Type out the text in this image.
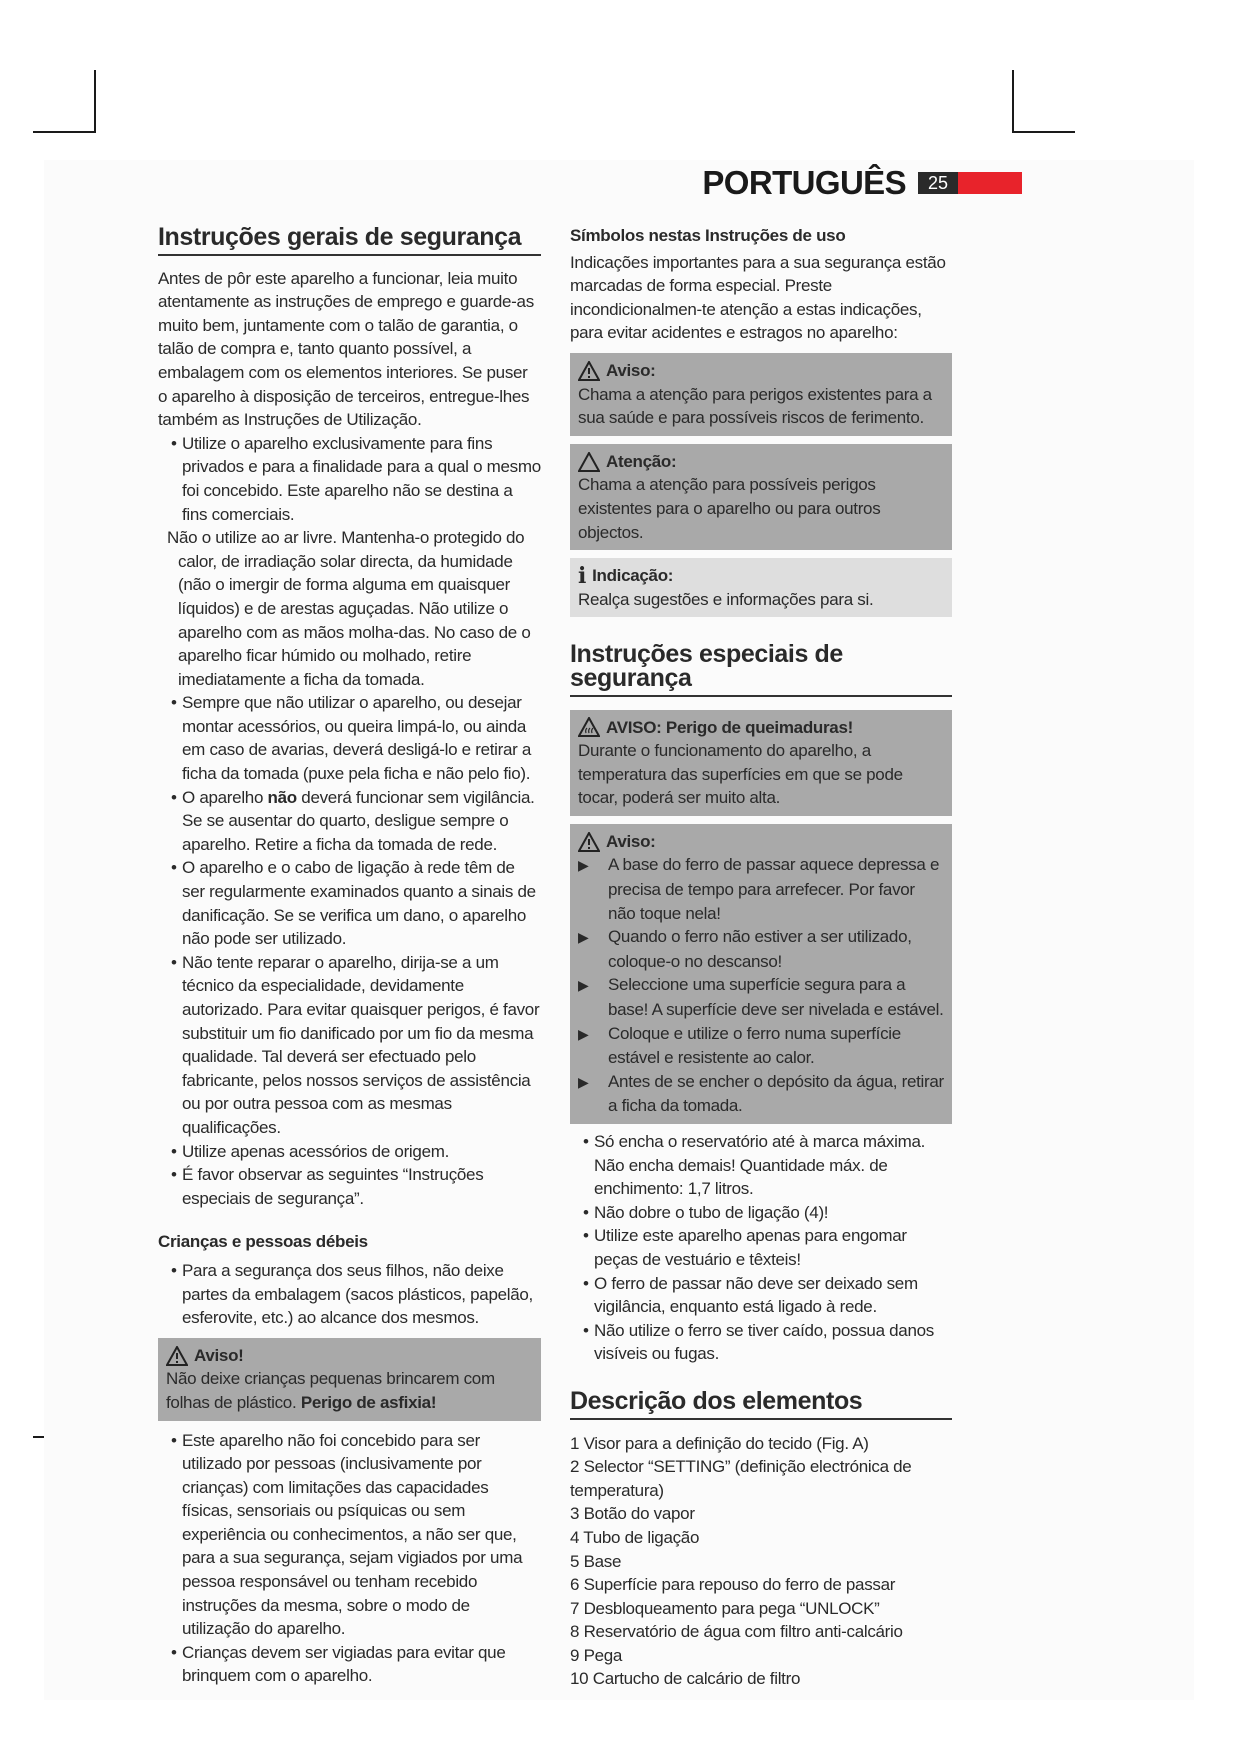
PORTUGUÊS	25
Instruções gerais de segurança

Antes de pôr este aparelho a funcionar, leia muito atentamente as instruções de emprego e guarde-as muito bem, juntamente com o talão de garantia, o talão de compra e, tanto quanto possível, a embalagem com os elementos interiores. Se puser o aparelho à disposição de terceiros, entregue-lhes também as Instruções de Utilização.

• Utilize o aparelho exclusivamente para fins privados e para a finalidade para a qual o mesmo foi concebido. Este aparelho não se destina a fins comerciais.

Não o utilize ao ar livre. Mantenha-o protegido do calor, de irradiação solar directa, da humidade (não o imergir de forma alguma em quaisquer líquidos) e de arestas aguçadas. Não utilize o aparelho com as mãos molha-das. No caso de o aparelho ficar húmido ou molhado, retire imediatamente a ficha da tomada.

• Sempre que não utilizar o aparelho, ou desejar montar acessórios, ou queira limpá-lo, ou ainda em caso de avarias, deverá desligá-lo e retirar a ficha da tomada (puxe pela ficha e não pelo fio).
• O aparelho não deverá funcionar sem vigilância. Se se ausentar do quarto, desligue sempre o aparelho. Retire a ficha da tomada de rede.
• O aparelho e o cabo de ligação à rede têm de ser regularmente examinados quanto a sinais de danificação. Se se verifica um dano, o aparelho não pode ser utilizado.
• Não tente reparar o aparelho, dirija-se a um técnico da especialidade, devidamente autorizado. Para evitar quaisquer perigos, é favor substituir um fio danificado por um fio da mesma qualidade. Tal deverá ser efectuado pelo fabricante, pelos nossos serviços de assistência ou por outra pessoa com as mesmas qualificações.
• Utilize apenas acessórios de origem.
• É favor observar as seguintes “Instruções especiais de segurança”.
Crianças e pessoas débeis
• Para a segurança dos seus filhos, não deixe partes da embalagem (sacos plásticos, papelão, esferovite, etc.) ao alcance dos mesmos.
Aviso!

Não deixe crianças pequenas brincarem com folhas de plástico. Perigo de asfixia!

• Este aparelho não foi concebido para ser utilizado por pessoas (inclusivamente por crianças) com limitações das capacidades físicas, sensoriais ou psíquicas ou sem experiência ou conhecimentos, a não ser que, para a sua segurança, sejam vigiados por uma pessoa responsável ou tenham recebido instruções da mesma, sobre o modo de utilização do aparelho.
• Crianças devem ser vigiadas para evitar que brinquem com o aparelho.
Símbolos nestas Instruções de uso

Indicações importantes para a sua segurança estão marcadas de forma especial. Preste incondicionalmen-te atenção a estas indicações, para evitar acidentes e estragos no aparelho:

Aviso:

Chama a atenção para perigos existentes para a sua saúde e para possíveis riscos de ferimento.

Atenção:

Chama a atenção para possíveis perigos existentes para o aparelho ou para outros objectos.

i Indicação:

Realça sugestões e informações para si.

Instruções especiais de segurança
AVISO: Perigo de queimaduras!

Durante o funcionamento do aparelho, a temperatura das superfícies em que se pode tocar, poderá ser muito alta.

Aviso:
▶ A base do ferro de passar aquece depressa e precisa de tempo para arrefecer. Por favor não toque nela!
▶ Quando o ferro não estiver a ser utilizado, coloque-o no descanso!
▶ Seleccione uma superfície segura para a base! A superfície deve ser nivelada e estável.
▶ Coloque e utilize o ferro numa superfície estável e resistente ao calor.
▶ Antes de se encher o depósito da água, retirar a ficha da tomada.
• Só encha o reservatório até à marca máxima. Não encha demais! Quantidade máx. de enchimento: 1,7 litros.
• Não dobre o tubo de ligação (4)!
• Utilize este aparelho apenas para engomar peças de vestuário e têxteis!
• O ferro de passar não deve ser deixado sem vigilância, enquanto está ligado à rede.
• Não utilize o ferro se tiver caído, possua danos visíveis ou fugas.
Descrição dos elementos
1 Visor para a definição do tecido (Fig. A)
2 Selector “SETTING” (definição electrónica de temperatura)
3 Botão do vapor
4 Tubo de ligação
5 Base
6 Superfície para repouso do ferro de passar
7 Desbloqueamento para pega “UNLOCK”
8 Reservatório de água com filtro anti-calcário
9 Pega
10 Cartucho de calcário de filtro
